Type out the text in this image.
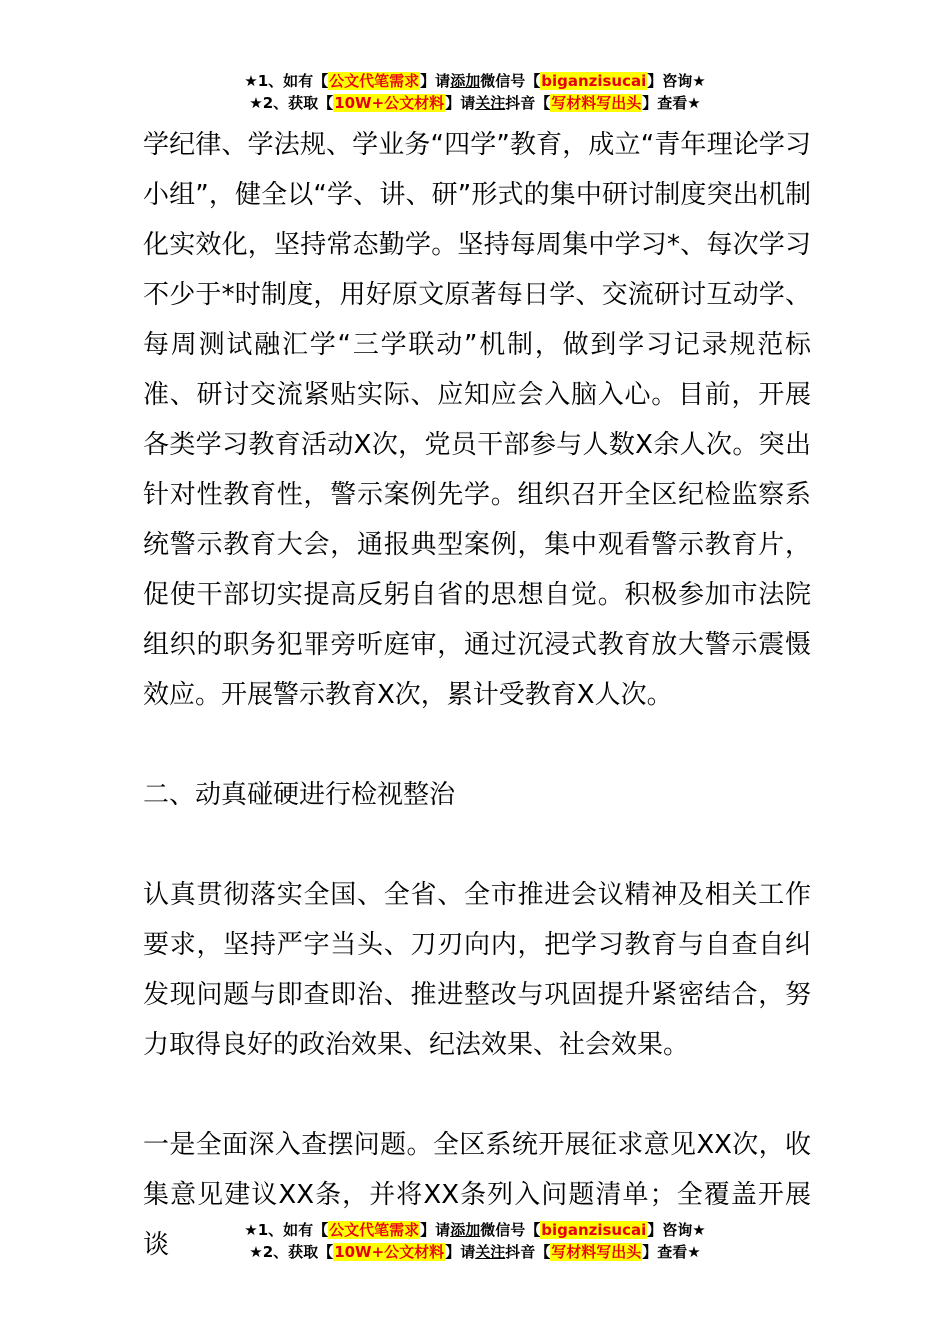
★1、如有【公文代笔需求】请添加微信号【biganzisucai】咨询★
★2、获取【10W+公文材料】请关注抖音【写材料写出头】查看★

学纪律、学法规、学业务“四学”教育，成立“青年理论学习小组”，健全以“学、讲、研”形式的集中研讨制度突出机制化实效化，坚持常态勤学。坚持每周集中学习*、每次学习不少于*时制度，用好原文原著每日学、交流研讨互动学、每周测试融汇学“三学联动”机制，做到学习记录规范标准、研讨交流紧贴实际、应知应会入脑入心。目前，开展各类学习教育活动X次，党员干部参与人数X余人次。突出针对性教育性，警示案例先学。组织召开全区纪检监察系统警示教育大会，通报典型案例，集中观看警示教育片，促使干部切实提高反躬自省的思想自觉。积极参加市法院组织的职务犯罪旁听庭审，通过沉浸式教育放大警示震慑效应。开展警示教育X次，累计受教育X人次。

二、动真碰硬进行检视整治

认真贯彻落实全国、全省、全市推进会议精神及相关工作要求，坚持严字当头、刀刃向内，把学习教育与自查自纠发现问题与即查即治、推进整改与巩固提升紧密结合，努力取得良好的政治效果、纪法效果、社会效果。

一是全面深入查摆问题。全区系统开展征求意见XX次，收集意见建议XX条，并将XX条列入问题清单；全覆盖开展谈	★1、如有【公文代笔需求】请添加微信号【biganzisucai】咨询★
★2、获取【10W+公文材料】请关注抖音【写材料写出头】查看★
